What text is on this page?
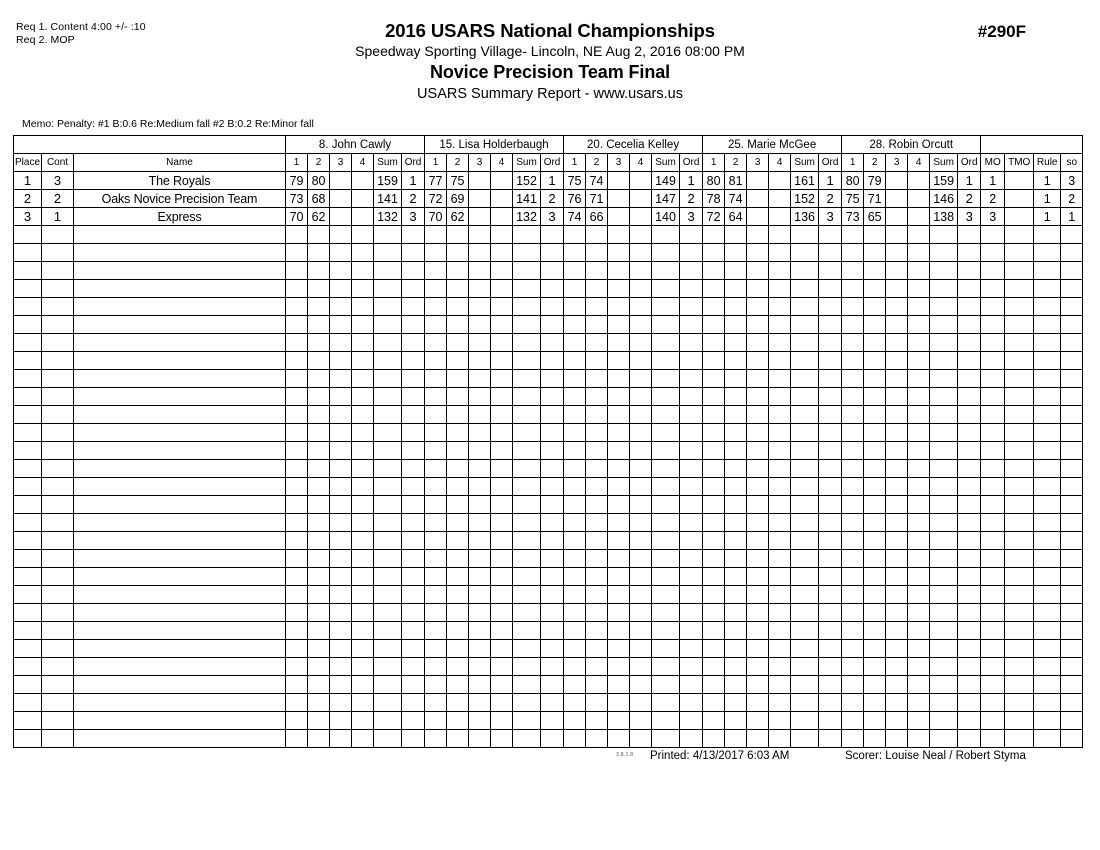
Req 1. Content 4:00 +/- :10
Req 2. MOP	2016 USARS National Championships
Speedway Sporting Village- Lincoln, NE Aug 2, 2016 08:00 PM
Novice Precision Team Final
USARS Summary Report - www.usars.us
#290F
Memo: Penalty: #1 B:0.6 Re:Medium fall #2 B:0.2 Re:Minor fall
			8. John Cawly						15. Lisa Holderbaugh						20. Cecelia Kelley						25. Marie McGee						28. Robin Orcutt									
Place	Cont	Name	1	2	3	4	Sum	Ord	1	2	3	4	Sum	Ord	1	2	3	4	Sum	Ord	1	2	3	4	Sum	Ord	1	2	3	4	Sum	Ord	MO	TMO	Rule	so
1	3	The Royals	79	80			159	1	77	75			152	1	75	74			149	1	80	81			161	1	80	79			159	1	1		1	3
2	2	Oaks Novice Precision Team	73	68			141	2	72	69			141	2	76	71			147	2	78	74			152	2	75	71			146	2	2		1	2
3	1	Express	70	62			132	3	70	62			132	3	74	66			140	3	72	64			136	3	73	65			138	3	3		1	1

3.8.1.8 Printed: 4/13/2017 6:03 AM	Scorer: Louise Neal / Robert Styma
